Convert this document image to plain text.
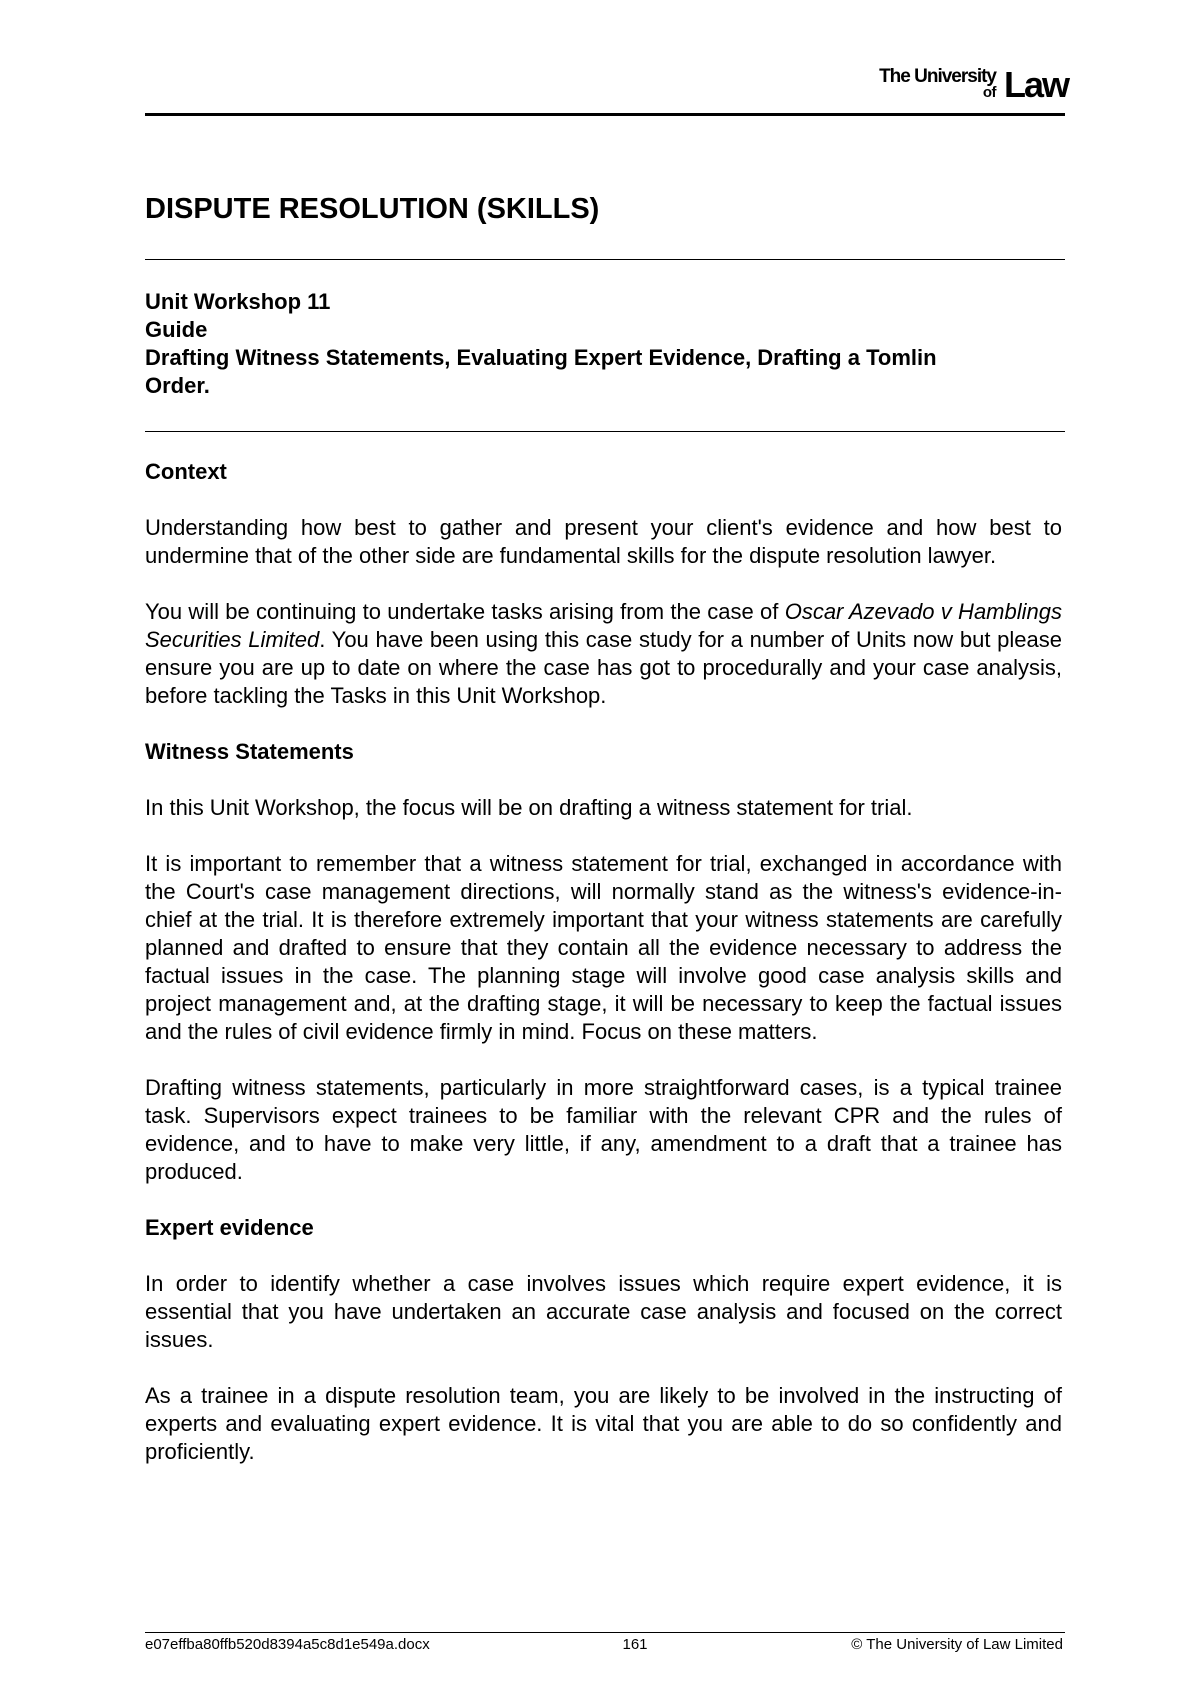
The University
of Law
DISPUTE RESOLUTION (SKILLS)
Unit Workshop 11
Guide
Drafting Witness Statements, Evaluating Expert Evidence, Drafting a Tomlin
Order.
Context

Understanding how best to gather and present your client's evidence and how best to undermine that of the other side are fundamental skills for the dispute resolution lawyer.

You will be continuing to undertake tasks arising from the case of Oscar Azevado v Hamblings Securities Limited. You have been using this case study for a number of Units now but please ensure you are up to date on where the case has got to procedurally and your case analysis, before tackling the Tasks in this Unit Workshop.

Witness Statements

In this Unit Workshop, the focus will be on drafting a witness statement for trial.

It is important to remember that a witness statement for trial, exchanged in accordance with the Court's case management directions, will normally stand as the witness's evidence-in-chief at the trial. It is therefore extremely important that your witness statements are carefully planned and drafted to ensure that they contain all the evidence necessary to address the factual issues in the case. The planning stage will involve good case analysis skills and project management and, at the drafting stage, it will be necessary to keep the factual issues and the rules of civil evidence firmly in mind. Focus on these matters.

Drafting witness statements, particularly in more straightforward cases, is a typical trainee task. Supervisors expect trainees to be familiar with the relevant CPR and the rules of evidence, and to have to make very little, if any, amendment to a draft that a trainee has produced.

Expert evidence

In order to identify whether a case involves issues which require expert evidence, it is essential that you have undertaken an accurate case analysis and focused on the correct issues.

As a trainee in a dispute resolution team, you are likely to be involved in the instructing of experts and evaluating expert evidence. It is vital that you are able to do so confidently and proficiently.

e07effba80ffb520d8394a5c8d1e549a.docx	161	© The University of Law Limited
